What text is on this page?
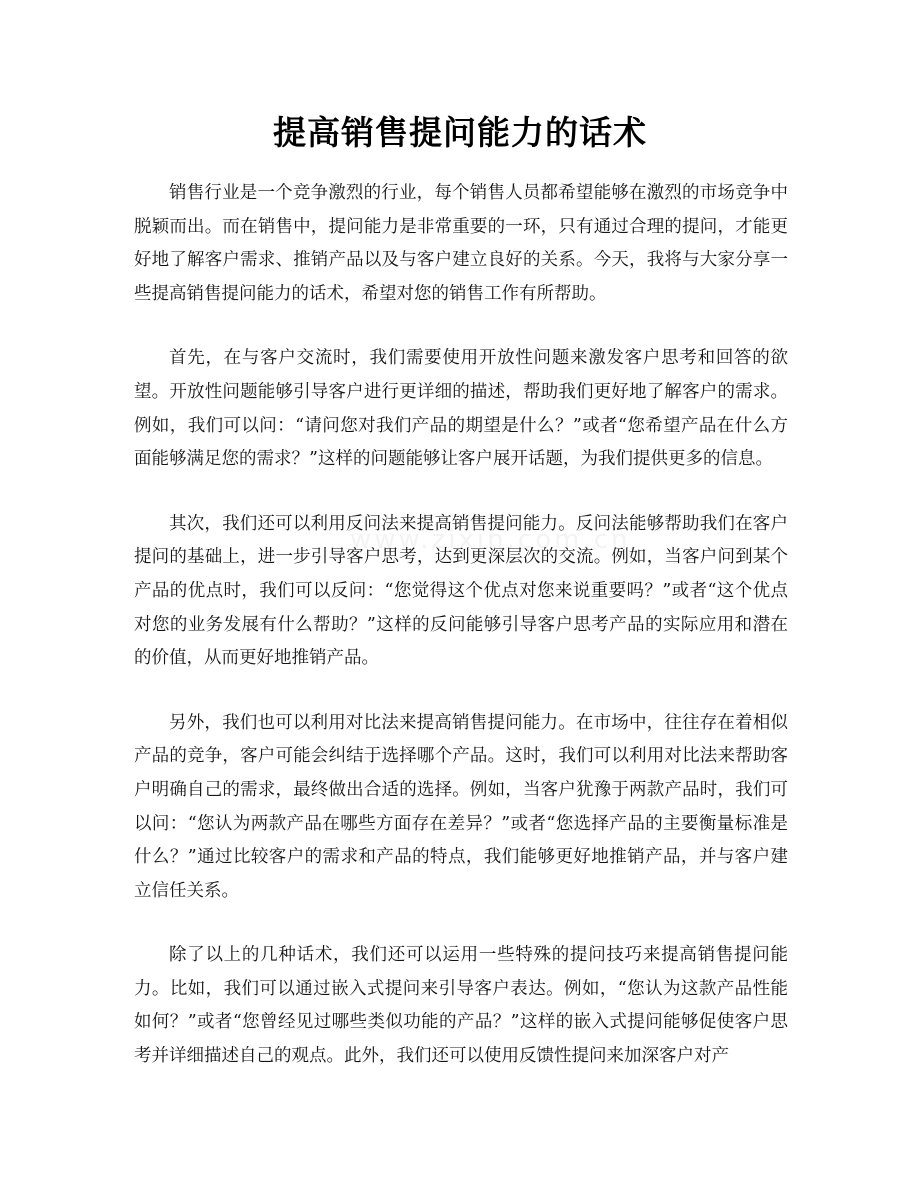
提高销售提问能力的话术
www.zixin.com.cn

销售行业是一个竞争激烈的行业，每个销售人员都希望能够在激烈的市场竞争中脱颖而出。而在销售中，提问能力是非常重要的一环，只有通过合理的提问，才能更好地了解客户需求、推销产品以及与客户建立良好的关系。今天，我将与大家分享一些提高销售提问能力的话术，希望对您的销售工作有所帮助。

首先，在与客户交流时，我们需要使用开放性问题来激发客户思考和回答的欲望。开放性问题能够引导客户进行更详细的描述，帮助我们更好地了解客户的需求。例如，我们可以问：“请问您对我们产品的期望是什么？”或者“您希望产品在什么方面能够满足您的需求？”这样的问题能够让客户展开话题，为我们提供更多的信息。

其次，我们还可以利用反问法来提高销售提问能力。反问法能够帮助我们在客户提问的基础上，进一步引导客户思考，达到更深层次的交流。例如，当客户问到某个产品的优点时，我们可以反问：“您觉得这个优点对您来说重要吗？”或者“这个优点对您的业务发展有什么帮助？”这样的反问能够引导客户思考产品的实际应用和潜在的价值，从而更好地推销产品。

另外，我们也可以利用对比法来提高销售提问能力。在市场中，往往存在着相似产品的竞争，客户可能会纠结于选择哪个产品。这时，我们可以利用对比法来帮助客户明确自己的需求，最终做出合适的选择。例如，当客户犹豫于两款产品时，我们可以问：“您认为两款产品在哪些方面存在差异？”或者“您选择产品的主要衡量标准是什么？”通过比较客户的需求和产品的特点，我们能够更好地推销产品，并与客户建立信任关系。

除了以上的几种话术，我们还可以运用一些特殊的提问技巧来提高销售提问能力。比如，我们可以通过嵌入式提问来引导客户表达。例如，“您认为这款产品性能如何？”或者“您曾经见过哪些类似功能的产品？”这样的嵌入式提问能够促使客户思考并详细描述自己的观点。此外，我们还可以使用反馈性提问来加深客户对产
